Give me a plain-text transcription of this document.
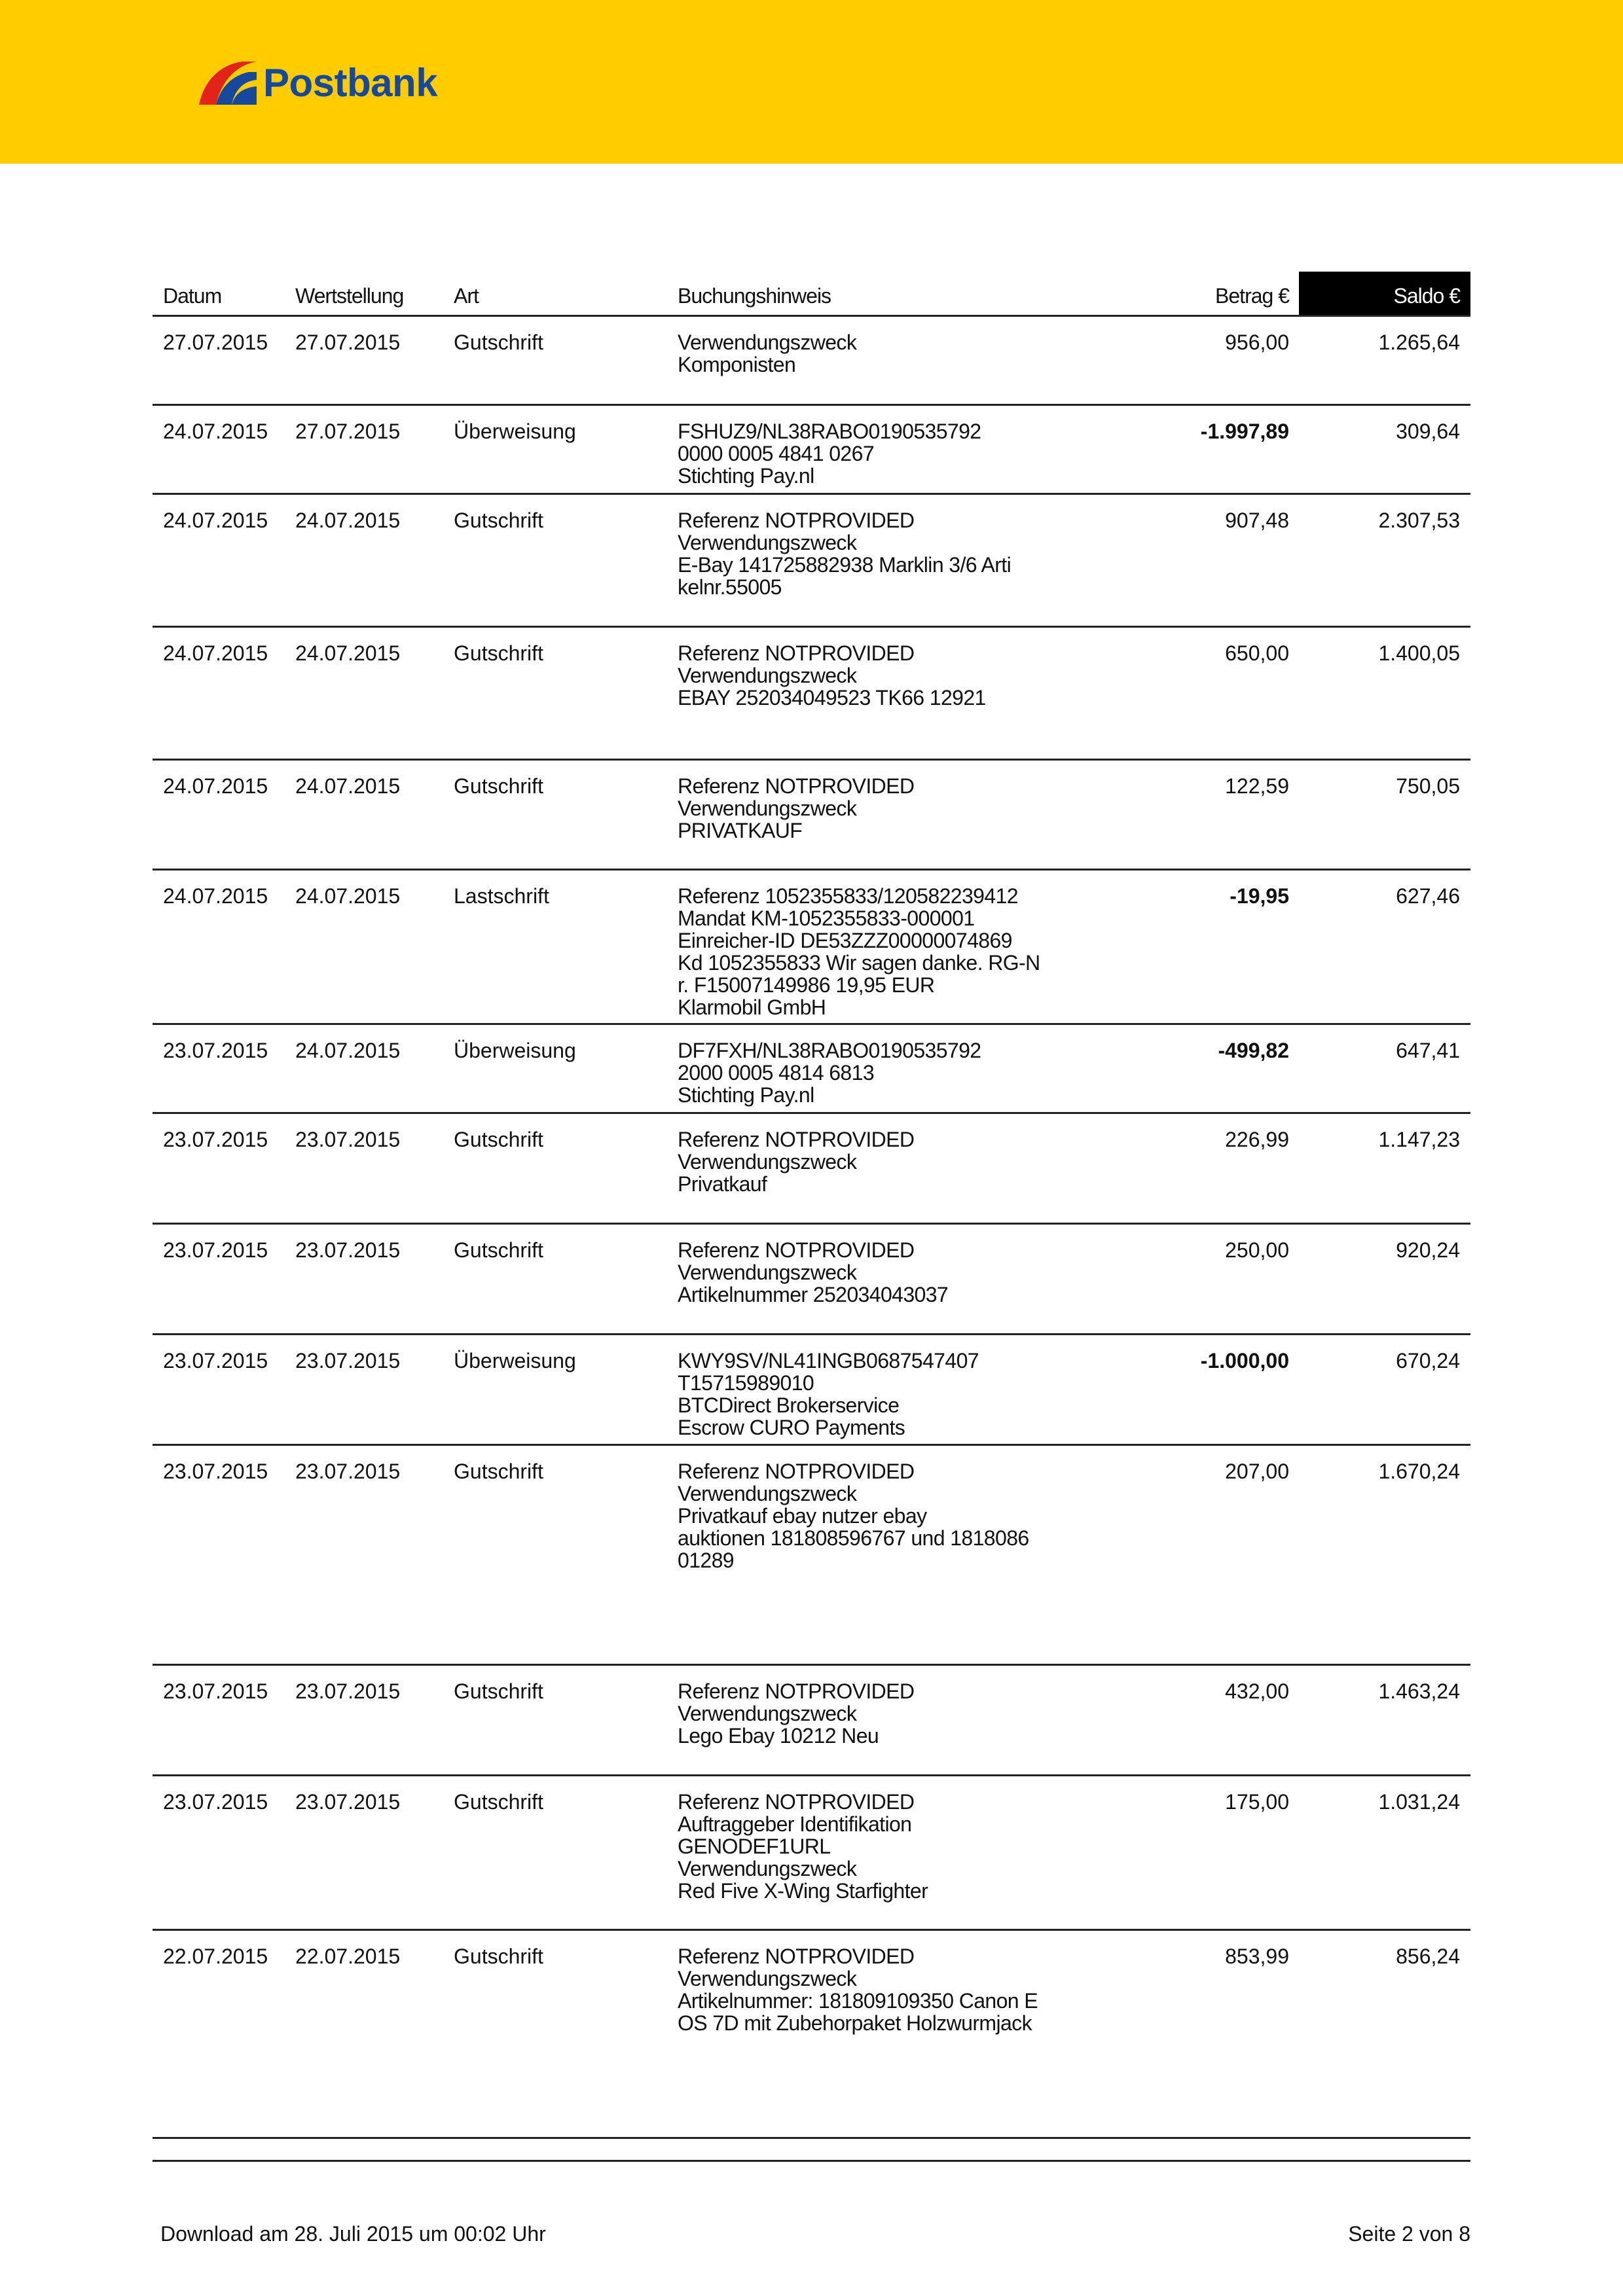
Postbank
Datum	Wertstellung Art	Buchungshinweis	Betrag €	Saldo €
27.07.2015 27.07.2015	Gutschrift	Verwendungszweck
Komponisten
956,00	1.265,64
24.07.2015 27.07.2015	Überweisung	FSHUZ9/NL38RABO0190535792
0000 0005 4841 0267
Stichting Pay.nl
-1.997,89	309,64
24.07.2015 24.07.2015	Gutschrift	Referenz NOTPROVIDED
Verwendungszweck
E-Bay 141725882938 Marklin 3/6 Arti
kelnr.55005
907,48	2.307,53
24.07.2015 24.07.2015	Gutschrift	Referenz NOTPROVIDED
Verwendungszweck
EBAY 252034049523 TK66 12921
650,00	1.400,05
24.07.2015 24.07.2015	Gutschrift	Referenz NOTPROVIDED
Verwendungszweck
PRIVATKAUF
122,59	750,05
24.07.2015 24.07.2015	Lastschrift	Referenz 1052355833/120582239412
Mandat KM-1052355833-000001
Einreicher-ID DE53ZZZ00000074869
Kd 1052355833 Wir sagen danke. RG-N
r. F15007149986 19,95 EUR
Klarmobil GmbH
-19,95	627,46
23.07.2015 24.07.2015	Überweisung	DF7FXH/NL38RABO0190535792
2000 0005 4814 6813
Stichting Pay.nl
-499,82	647,41
23.07.2015 23.07.2015	Gutschrift	Referenz NOTPROVIDED
Verwendungszweck
Privatkauf
226,99	1.147,23
23.07.2015 23.07.2015	Gutschrift	Referenz NOTPROVIDED
Verwendungszweck
Artikelnummer 252034043037
250,00	920,24
23.07.2015 23.07.2015	Überweisung	KWY9SV/NL41INGB0687547407
T15715989010
BTCDirect Brokerservice
Escrow CURO Payments
-1.000,00	670,24
23.07.2015 23.07.2015	Gutschrift	Referenz NOTPROVIDED
Verwendungszweck
Privatkauf ebay nutzer ebay
auktionen 181808596767 und 1818086
01289
207,00	1.670,24
23.07.2015 23.07.2015	Gutschrift	Referenz NOTPROVIDED
Verwendungszweck
Lego Ebay 10212 Neu
432,00	1.463,24
23.07.2015 23.07.2015	Gutschrift	Referenz NOTPROVIDED
Auftraggeber Identifikation
GENODEF1URL
Verwendungszweck
Red Five X-Wing Starfighter
175,00	1.031,24
22.07.2015 22.07.2015	Gutschrift	Referenz NOTPROVIDED
Verwendungszweck
Artikelnummer: 181809109350 Canon E
OS 7D mit Zubehorpaket Holzwurmjack
853,99	856,24
Download am 28. Juli 2015 um 00:02 Uhr	Seite 2 von 8
